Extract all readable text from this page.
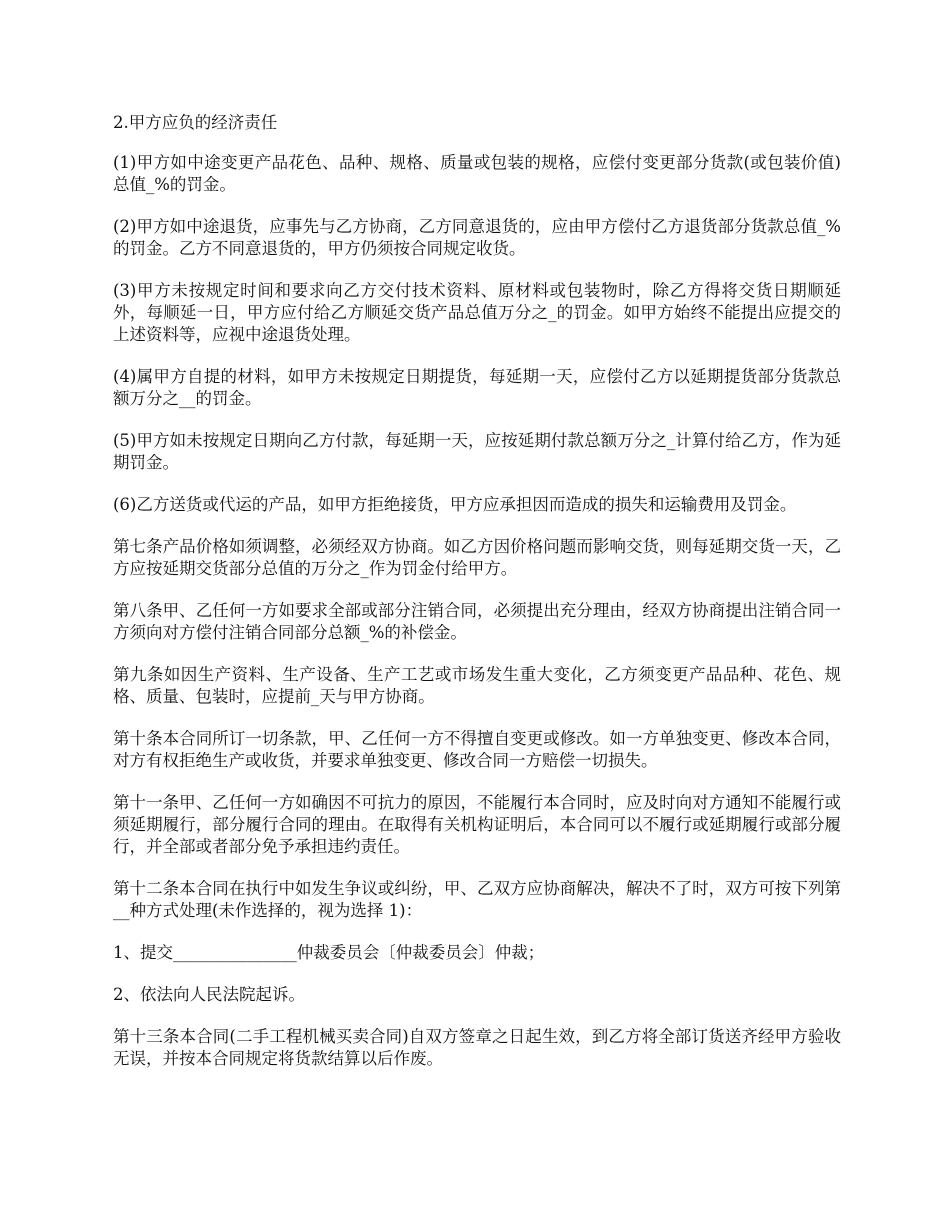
2.甲方应负的经济责任

(1)甲方如中途变更产品花色、品种、规格、质量或包装的规格，应偿付变更部分货款(或包装价值)总值_%的罚金。

(2)甲方如中途退货，应事先与乙方协商，乙方同意退货的，应由甲方偿付乙方退货部分货款总值_%的罚金。乙方不同意退货的，甲方仍须按合同规定收货。

(3)甲方未按规定时间和要求向乙方交付技术资料、原材料或包装物时，除乙方得将交货日期顺延外，每顺延一日，甲方应付给乙方顺延交货产品总值万分之_的罚金。如甲方始终不能提出应提交的上述资料等，应视中途退货处理。

(4)属甲方自提的材料，如甲方未按规定日期提货，每延期一天，应偿付乙方以延期提货部分货款总额万分之__的罚金。

(5)甲方如未按规定日期向乙方付款，每延期一天，应按延期付款总额万分之_计算付给乙方，作为延期罚金。

(6)乙方送货或代运的产品，如甲方拒绝接货，甲方应承担因而造成的损失和运输费用及罚金。

第七条产品价格如须调整，必须经双方协商。如乙方因价格问题而影响交货，则每延期交货一天，乙方应按延期交货部分总值的万分之_作为罚金付给甲方。

第八条甲、乙任何一方如要求全部或部分注销合同，必须提出充分理由，经双方协商提出注销合同一方须向对方偿付注销合同部分总额_%的补偿金。

第九条如因生产资料、生产设备、生产工艺或市场发生重大变化，乙方须变更产品品种、花色、规格、质量、包装时，应提前_天与甲方协商。

第十条本合同所订一切条款，甲、乙任何一方不得擅自变更或修改。如一方单独变更、修改本合同，对方有权拒绝生产或收货，并要求单独变更、修改合同一方赔偿一切损失。

第十一条甲、乙任何一方如确因不可抗力的原因，不能履行本合同时，应及时向对方通知不能履行或须延期履行，部分履行合同的理由。在取得有关机构证明后，本合同可以不履行或延期履行或部分履行，并全部或者部分免予承担违约责任。

第十二条本合同在执行中如发生争议或纠纷，甲、乙双方应协商解决，解决不了时，双方可按下列第__种方式处理(未作选择的，视为选择 1)：

1、提交_______________仲裁委员会〔仲裁委员会〕仲裁；

2、依法向人民法院起诉。

第十三条本合同(二手工程机械买卖合同)自双方签章之日起生效，到乙方将全部订货送齐经甲方验收无误，并按本合同规定将货款结算以后作废。
